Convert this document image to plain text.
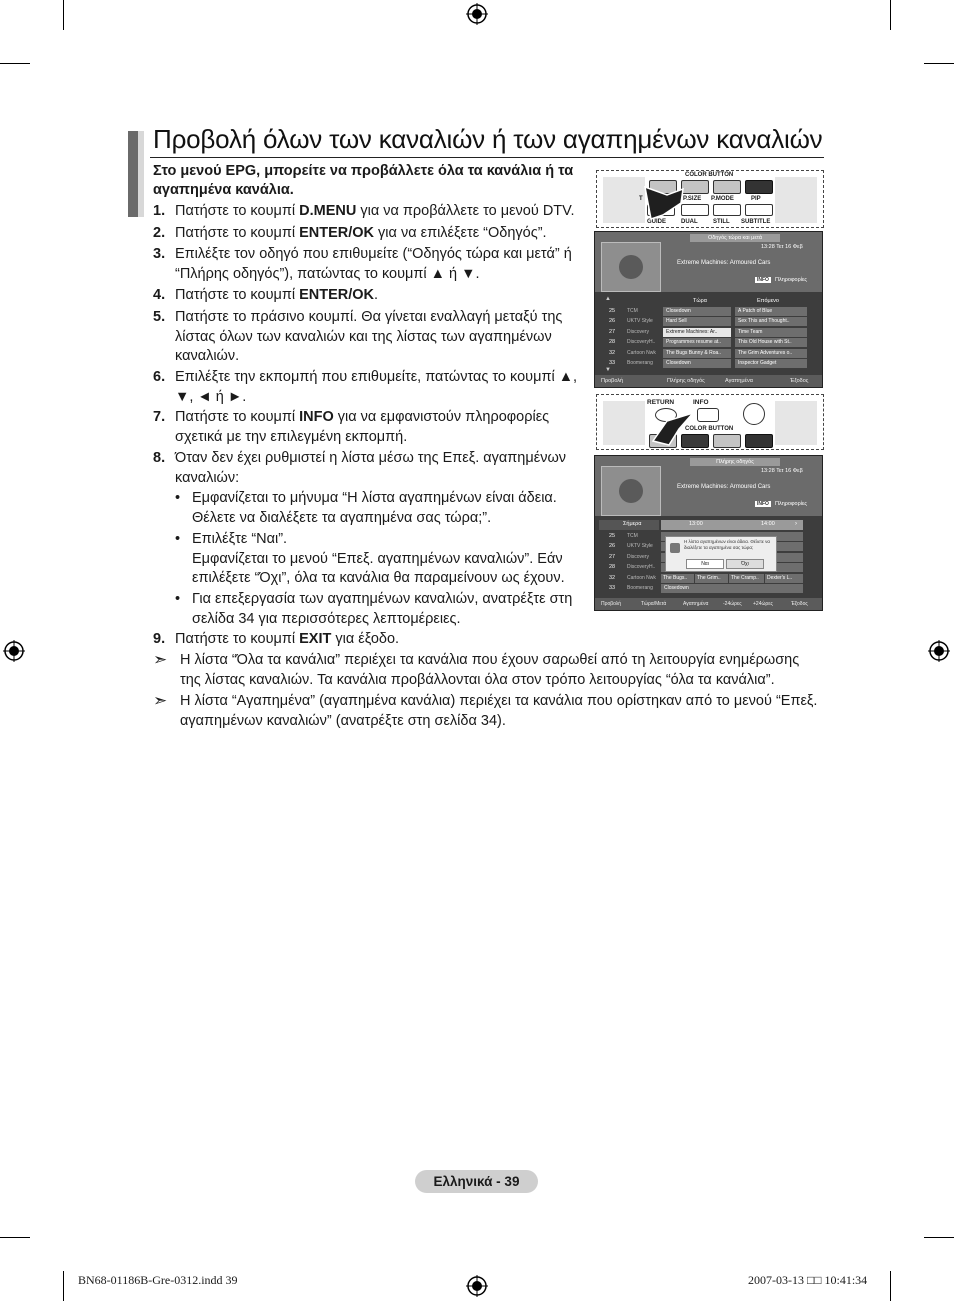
Προβολή όλων των καναλιών ή των αγαπημένων καναλιών
Στο μενού EPG, μπορείτε να προβάλλετε όλα τα κανάλια ή τα αγαπημένα κανάλια.
1. Πατήστε το κουμπί D.MENU για να προβάλλετε το μενού DTV.
2. Πατήστε το κουμπί ENTER/OK για να επιλέξετε “Οδηγός”.
3. Επιλέξτε τον οδηγό που επιθυμείτε (“Οδηγός τώρα και μετά” ή “Πλήρης οδηγός”), πατώντας το κουμπί ▲ ή ▼.
4. Πατήστε το κουμπί ENTER/OK.
5. Πατήστε το πράσινο κουμπί. Θα γίνεται εναλλαγή μεταξύ της λίστας όλων των καναλιών και της λίστας των αγαπημένων καναλιών.
6. Επιλέξτε την εκπομπή που επιθυμείτε, πατώντας το κουμπί ▲, ▼, ◄ ή ►.
7. Πατήστε το κουμπί INFO για να εμφανιστούν πληροφορίες σχετικά με την επιλεγμένη εκπομπή.
8. Όταν δεν έχει ρυθμιστεί η λίστα μέσω της Επεξ. αγαπημένων καναλιών:
• Εμφανίζεται το μήνυμα “Η λίστα αγαπημένων είναι άδεια. Θέλετε να διαλέξετε τα αγαπημένα σας τώρα;”.
• Επιλέξτε “Ναι”.
Εμφανίζεται το μενού “Επεξ. αγαπημένων καναλιών”. Εάν επιλέξετε “Όχι”, όλα τα κανάλια θα παραμείνουν ως έχουν.
• Για επεξεργασία των αγαπημένων καναλιών, ανατρέξτε στη σελίδα 34 για περισσότερες λεπτομέρειες.
9. Πατήστε το κουμπί EXIT για έξοδο.
➣ Η λίστα “Όλα τα κανάλια” περιέχει τα κανάλια που έχουν σαρωθεί από τη λειτουργία ενημέρωσης της λίστας καναλιών. Τα κανάλια προβάλλονται όλα στον τρόπο λειτουργίας “όλα τα κανάλια”.
➣ Η λίστα “Αγαπημένα” (αγαπημένα κανάλια) περιέχει τα κανάλια που ορίστηκαν από το μενού “Επεξ. αγαπημένων καναλιών” (ανατρέξτε στη σελίδα 34).
COLOR BUTTON
T	P.SIZE P.MODE	PIP
GUIDE DUAL	STILL SUBTITLE
Οδηγός τώρα και μετά
13:28 Τετ 16 Φεβ
Extreme Machines: Armoured Cars
INFO	Πληροφορίες
Τώρα	Επόμενο
▲
25 TCM	Closedown	A Patch of Blue
26 UKTV Style	Hard Sell	Sex This and Thought..
27 Discovery	Extreme Machines: Ar..	Time Team
28 DiscoveryH..	Programmes resume at..	This Old House with St..
32 Cartoon Nwk	The Bugs Bunny & Roa..	The Grim Adventures o..
33 Boomerang	Closedown	Inspector Gadget
▼
Προβολή	Πλήρης οδηγός	Αγαπημένα	Έξοδος
RETURN	INFO
COLOR BUTTON
Πλήρης οδηγός
13:28 Τετ 16 Φεβ
Extreme Machines: Armoured Cars
INFO	Πληροφορίες
Σήμερα	13:00	14:00	›
25 TCM
26 UKTV Style
27 Discovery
28 DiscoveryH..
32 Cartoon Nwk	The Bugs..	The Grim..	The Cramp..	Dexter's L..
33 Boomerang	Closedown
Η λίστα αγαπημένων είναι άδεια. Θέλετε να διαλέξετε τα αγαπημένα σας τώρα;
Ναι	Όχι
Προβολή	Τώρα/Μετά	Αγαπημένα	-24ώρες +24ώρες	Έξοδος
Ελληνικά - 39
BN68-01186B-Gre-0312.indd 39	2007-03-13 □□ 10:41:34
